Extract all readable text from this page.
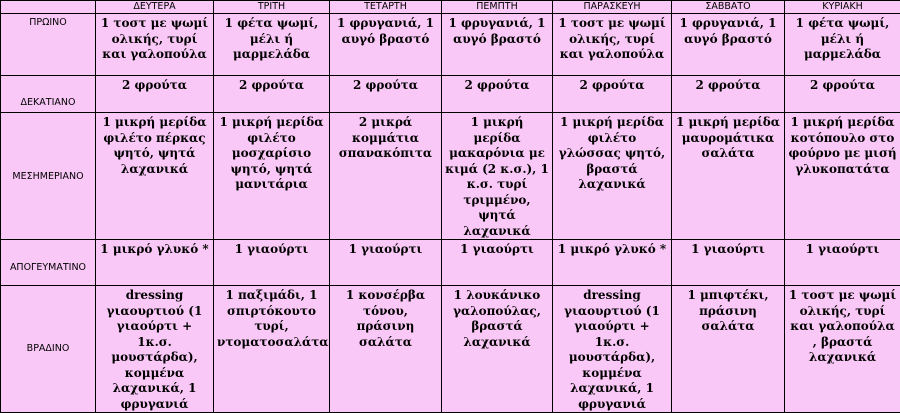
	ΔΕΥΤΕΡΑ	ΤΡΙΤΗ	ΤΕΤΑΡΤΗ	ΠΕΜΠΤΗ	ΠΑΡΑΣΚΕΥΗ	ΣΑΒΒΑΤΟ	ΚΥΡΙΑΚΗ
ΠΡΩΙΝΟ	1 τοστ με ψωμί ολικής, τυρί και γαλοπούλα	1 φέτα ψωμί, μέλι ή μαρμελάδα	1 φρυγανιά, 1 αυγό βραστό	1 φρυγανιά, 1 αυγό βραστό	1 τοστ με ψωμί ολικής, τυρί και γαλοπούλα	1 φρυγανιά, 1 αυγό βραστό	1 φέτα ψωμί, μέλι ή μαρμελάδα
ΔΕΚΑΤΙΑΝΟ	2 φρούτα	2 φρούτα	2 φρούτα	2 φρούτα	2 φρούτα	2 φρούτα	2 φρούτα
ΜΕΣΗΜΕΡΙΑΝΟ	1 μικρή μερίδα φιλέτο πέρκας ψητό, ψητά λαχανικά	1 μικρή μερίδα φιλέτο μοσχαρίσιο ψητό, ψητά μανιτάρια	2 μικρά κομμάτια σπανακόπιτα	1 μικρή μερίδα μακαρόνια με κιμά (2 κ.σ.), 1 κ.σ. τυρί τριμμένο, ψητά λαχανικά	1 μικρή μερίδα φιλέτο γλώσσας ψητό, βραστά λαχανικά	1 μικρή μερίδα μαυρομάτικα σαλάτα	1 μικρή μερίδα κοτόπουλο στο φούρνο με μισή γλυκοπατάτα
ΑΠΟΓΕΥΜΑΤΙΝΟ	1 μικρό γλυκό *	1 γιαούρτι	1 γιαούρτι	1 γιαούρτι	1 μικρό γλυκό *	1 γιαούρτι	1 γιαούρτι
ΒΡΑΔΙΝΟ	dressing γιαουρτιού (1 γιαούρτι + 1κ.σ. μουστάρδα), κομμένα λαχανικά, 1 φρυγανιά	1 παξιμάδι, 1 σπιρτόκουτο τυρί, ντοματοσαλάτα	1 κονσέρβα τόνου, πράσινη σαλάτα	1 λουκάνικο γαλοπούλας, βραστά λαχανικά	dressing γιαουρτιού (1 γιαούρτι + 1κ.σ. μουστάρδα), κομμένα λαχανικά, 1 φρυγανιά	1 μπιφτέκι, πράσινη σαλάτα	1 τοστ με ψωμί ολικής, τυρί και γαλοπούλα , βραστά λαχανικά
